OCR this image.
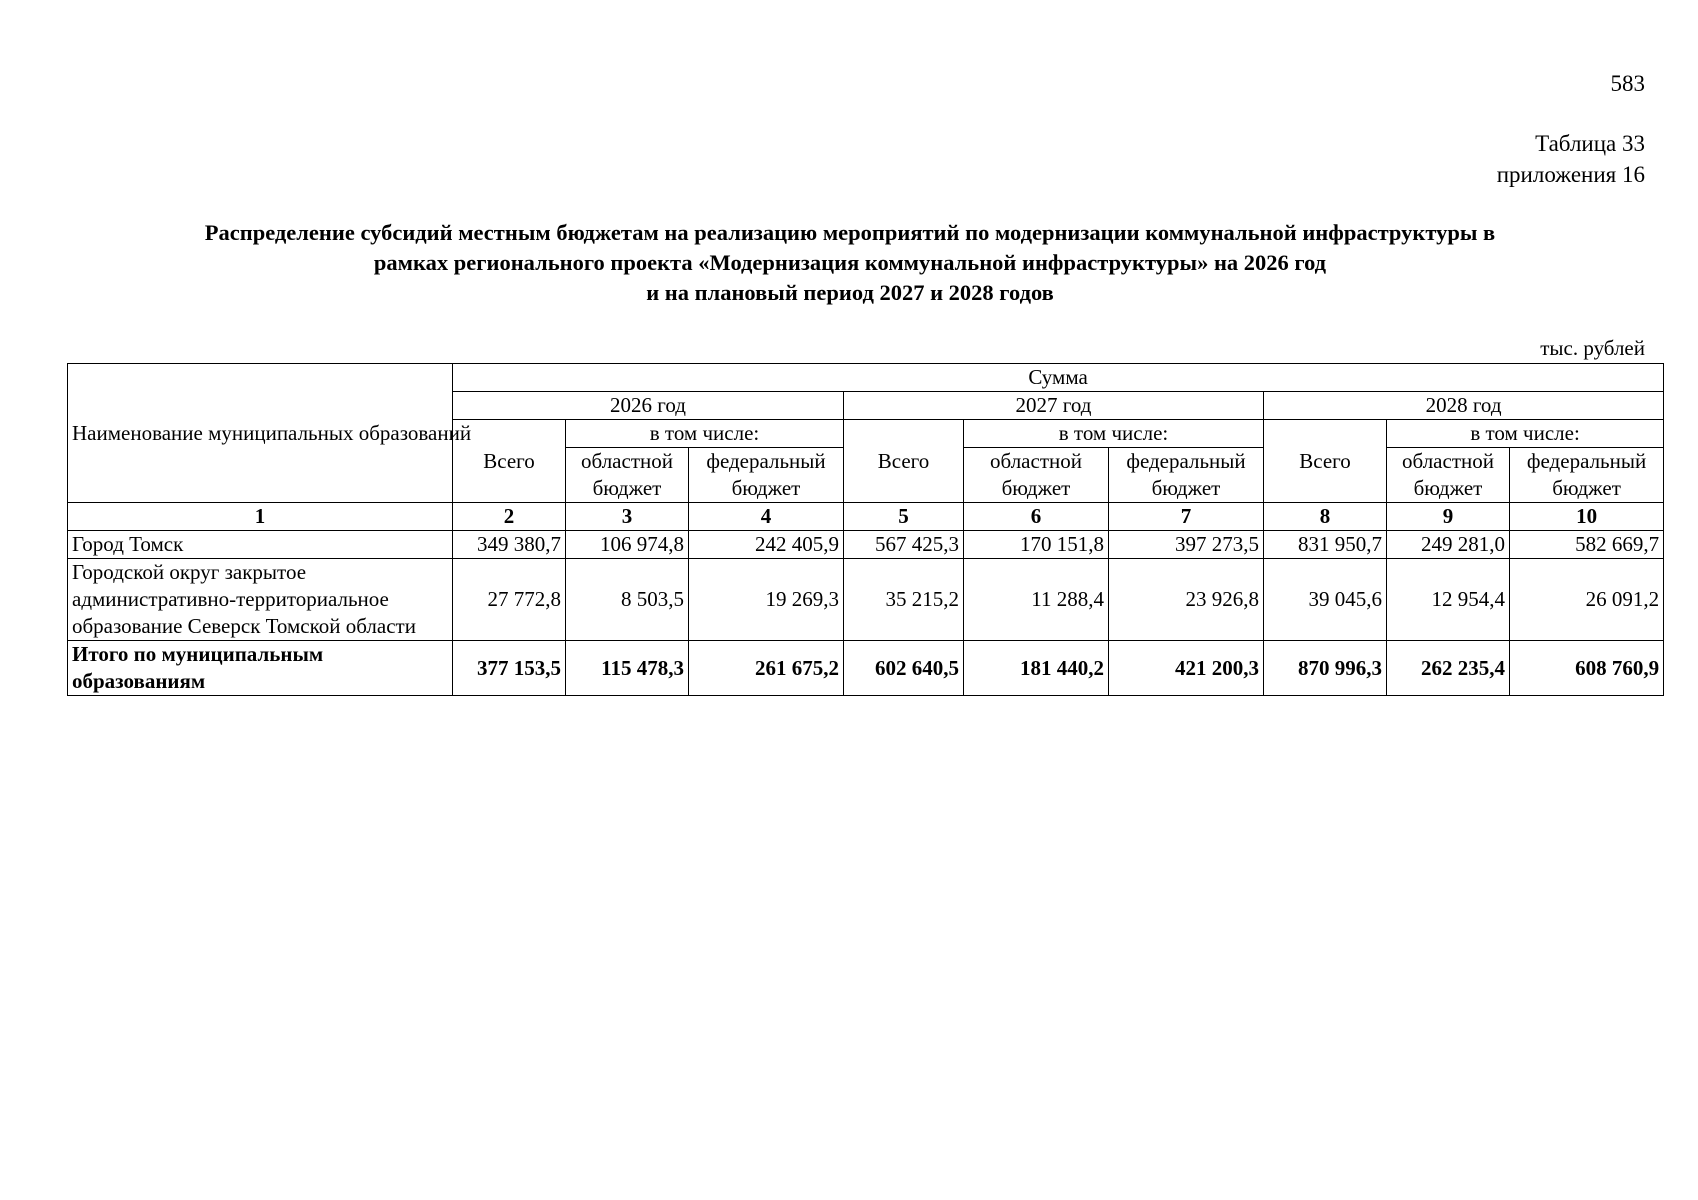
583
Таблица 33
приложения 16
Распределение субсидий местным бюджетам на реализацию мероприятий по модернизации коммунальной инфраструктуры в
рамках регионального проекта «Модернизация коммунальной инфраструктуры» на 2026 год
и на плановый период 2027 и 2028 годов
тыс. рублей
Наименование муниципальных образований	Сумма								
	2026 год			2027 год			2028 год		
	Всего	в том числе:		Всего	в том числе:		Всего	в том числе:	
		областной бюджет	федеральный бюджет		областной бюджет	федеральный бюджет		областной бюджет	федеральный бюджет
1	2	3	4	5	6	7	8	9	10
Город Томск	349 380,7	106 974,8	242 405,9	567 425,3	170 151,8	397 273,5	831 950,7	249 281,0	582 669,7
Городской округ закрытое административно-территориальное образование Северск Томской области	27 772,8	8 503,5	19 269,3	35 215,2	11 288,4	23 926,8	39 045,6	12 954,4	26 091,2
Итого по муниципальным образованиям	377 153,5	115 478,3	261 675,2	602 640,5	181 440,2	421 200,3	870 996,3	262 235,4	608 760,9
